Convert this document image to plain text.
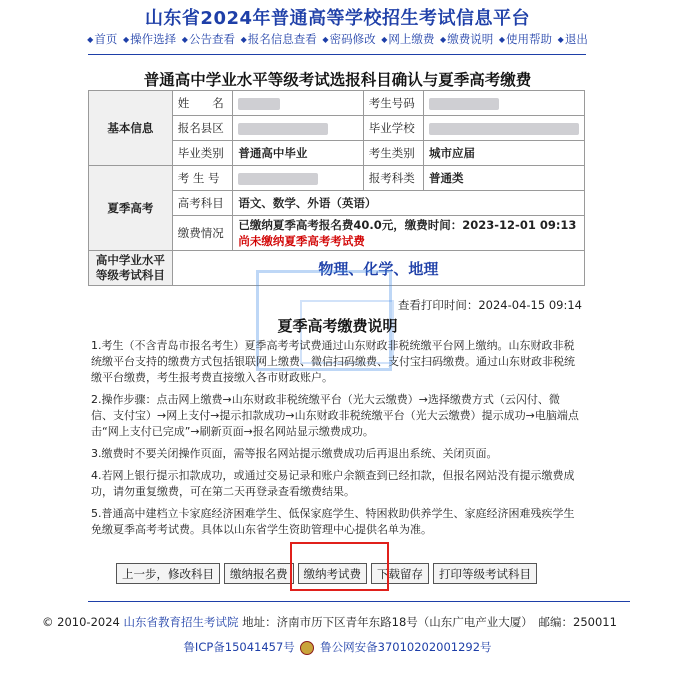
山东省2024年普通高等学校招生考试信息平台
◆首页 ◆操作选择 ◆公告查看 ◆报名信息查看 ◆密码修改 ◆网上缴费 ◆缴费说明 ◆使用帮助 ◆退出
普通高中学业水平等级考试选报科目确认与夏季高考缴费
基本信息	姓　　名		考生号码	
	报名县区		毕业学校	
	毕业类别	普通高中毕业	考生类别	城市应届
夏季高考	考 生 号		报考科类	普通类
	高考科目	语文、数学、外语（英语）		
	缴费情况	已缴纳夏季高考报名费40.0元，缴费时间：2023-12-01 09:13
尚未缴纳夏季高考考试费		

高中学业水平等级考试科目	物理、化学、地理			
查看打印时间：2024-04-15 09:14
夏季高考缴费说明

1.考生（不含青岛市报名考生）夏季高考考试费通过山东财政非税统缴平台网上缴纳。山东财政非税统缴平台支持的缴费方式包括银联网上缴费、微信扫码缴费、支付宝扫码缴费。通过山东财政非税统缴平台缴费，考生报考费直接缴入各市财政账户。

2.操作步骤：点击网上缴费→山东财政非税统缴平台（光大云缴费）→选择缴费方式（云闪付、微信、支付宝）→网上支付→提示扣款成功→山东财政非税统缴平台（光大云缴费）提示成功→电脑端点击“网上支付已完成”→刷新页面→报名网站显示缴费成功。

3.缴费时不要关闭操作页面，需等报名网站提示缴费成功后再退出系统、关闭页面。

4.若网上银行提示扣款成功，或通过交易记录和账户余额查到已经扣款，但报名网站没有提示缴费成功，请勿重复缴费，可在第二天再登录查看缴费结果。

5.普通高中建档立卡家庭经济困难学生、低保家庭学生、特困救助供养学生、家庭经济困难残疾学生免缴夏季高考考试费。具体以山东省学生资助管理中心提供名单为准。

上一步，修改科目 缴纳报名费 缴纳考试费 下载留存 打印等级考试科目
© 2010-2024 山东省教育招生考试院 地址：济南市历下区青年东路18号（山东广电产业大厦）　邮编：250011
鲁ICP备15041457号 鲁公网安备37010202001292号
